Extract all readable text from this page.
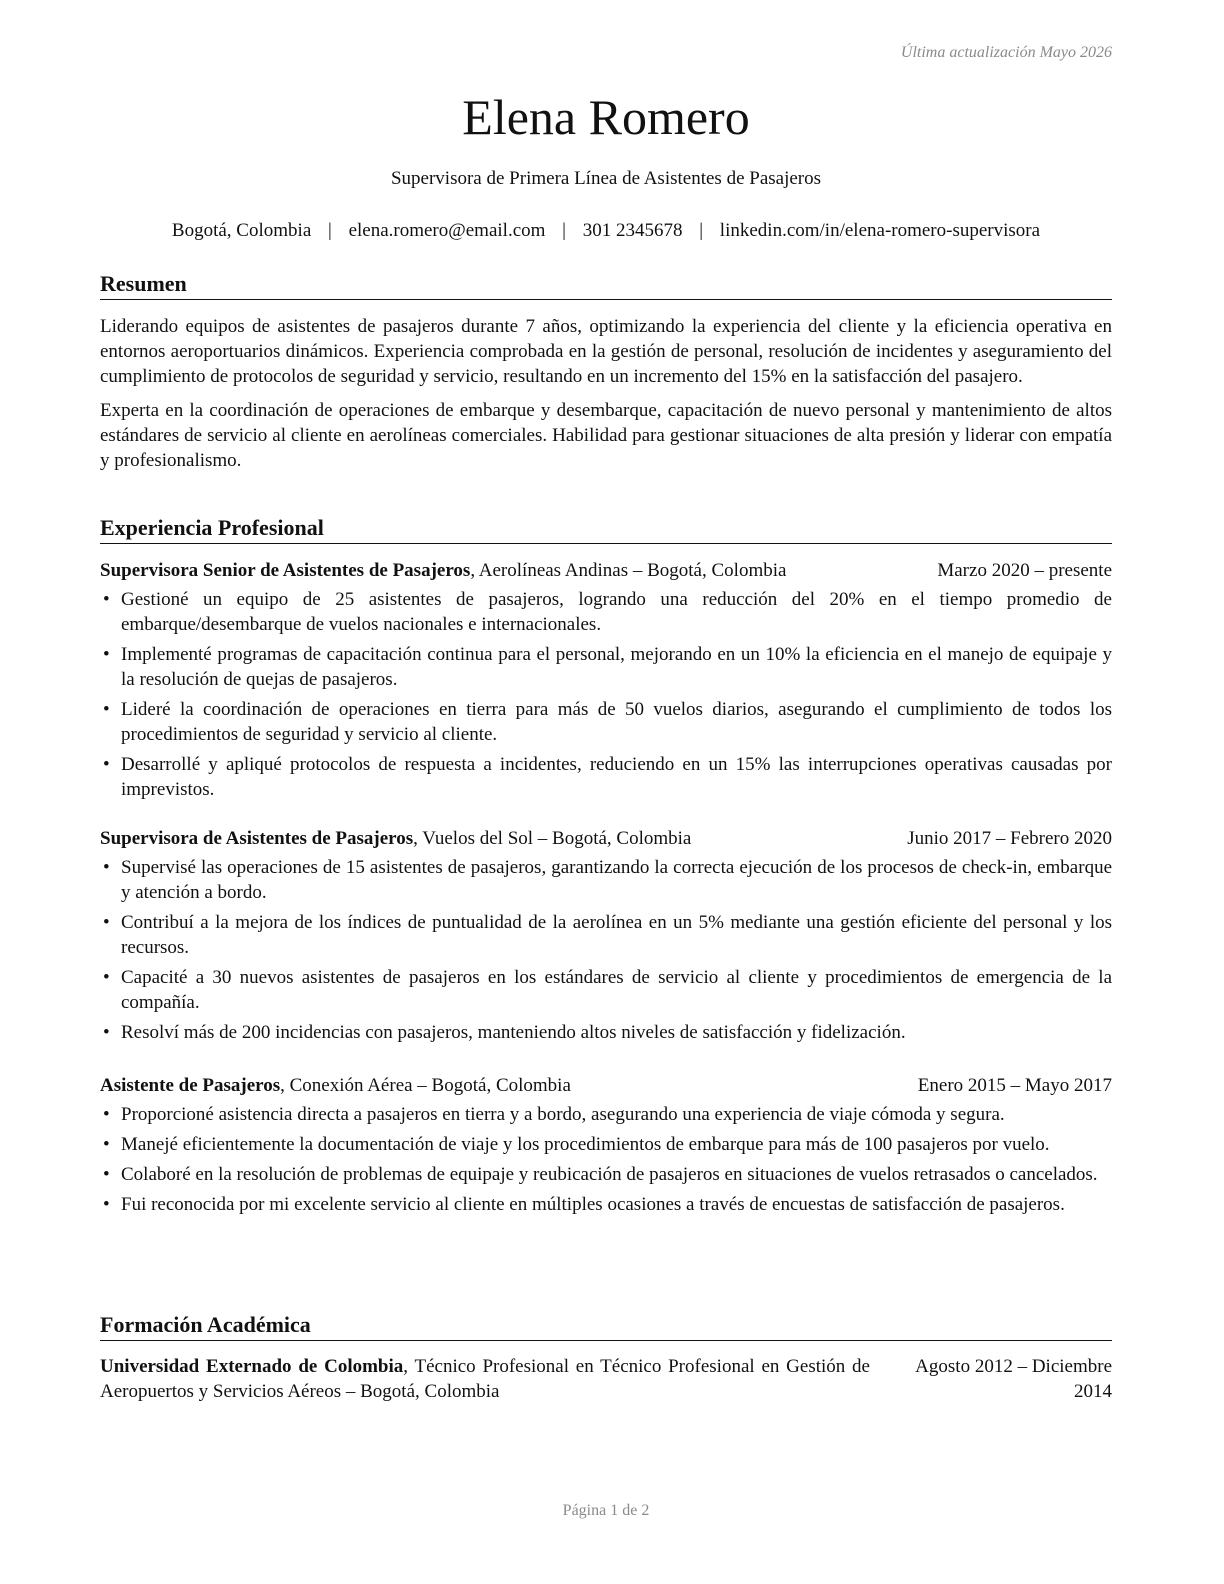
Última actualización Mayo 2026
Elena Romero
Supervisora de Primera Línea de Asistentes de Pasajeros
Bogotá, Colombia | elena.romero@email.com | 301 2345678 | linkedin.com/in/elena-romero-supervisora
Resumen

Liderando equipos de asistentes de pasajeros durante 7 años, optimizando la experiencia del cliente y la eficiencia operativa en entornos aeroportuarios dinámicos. Experiencia comprobada en la gestión de personal, resolución de incidentes y aseguramiento del cumplimiento de protocolos de seguridad y servicio, resultando en un incremento del 15% en la satisfacción del pasajero.

Experta en la coordinación de operaciones de embarque y desembarque, capacitación de nuevo personal y mantenimiento de altos estándares de servicio al cliente en aerolíneas comerciales. Habilidad para gestionar situaciones de alta presión y liderar con empatía y profesionalismo.

Experiencia Profesional
Supervisora Senior de Asistentes de Pasajeros, Aerolíneas Andinas – Bogotá, Colombia	Marzo 2020 – presente
• Gestioné un equipo de 25 asistentes de pasajeros, logrando una reducción del 20% en el tiempo promedio de embarque/desembarque de vuelos nacionales e internacionales.
• Implementé programas de capacitación continua para el personal, mejorando en un 10% la eficiencia en el manejo de equipaje y la resolución de quejas de pasajeros.
• Lideré la coordinación de operaciones en tierra para más de 50 vuelos diarios, asegurando el cumplimiento de todos los procedimientos de seguridad y servicio al cliente.
• Desarrollé y apliqué protocolos de respuesta a incidentes, reduciendo en un 15% las interrupciones operativas causadas por imprevistos.
Supervisora de Asistentes de Pasajeros, Vuelos del Sol – Bogotá, Colombia	Junio 2017 – Febrero 2020
• Supervisé las operaciones de 15 asistentes de pasajeros, garantizando la correcta ejecución de los procesos de check-in, embarque y atención a bordo.
• Contribuí a la mejora de los índices de puntualidad de la aerolínea en un 5% mediante una gestión eficiente del personal y los recursos.
• Capacité a 30 nuevos asistentes de pasajeros en los estándares de servicio al cliente y procedimientos de emergencia de la compañía.
• Resolví más de 200 incidencias con pasajeros, manteniendo altos niveles de satisfacción y fidelización.
Asistente de Pasajeros, Conexión Aérea – Bogotá, Colombia	Enero 2015 – Mayo 2017
• Proporcioné asistencia directa a pasajeros en tierra y a bordo, asegurando una experiencia de viaje cómoda y segura.
• Manejé eficientemente la documentación de viaje y los procedimientos de embarque para más de 100 pasajeros por vuelo.
• Colaboré en la resolución de problemas de equipaje y reubicación de pasajeros en situaciones de vuelos retrasados o cancelados.
• Fui reconocida por mi excelente servicio al cliente en múltiples ocasiones a través de encuestas de satisfacción de pasajeros.
Formación Académica
Universidad Externado de Colombia, Técnico Profesional en Técnico Profesional en Gestión de Aeropuertos y Servicios Aéreos – Bogotá, Colombia
Agosto 2012 – Diciembre 2014
Página 1 de 2
